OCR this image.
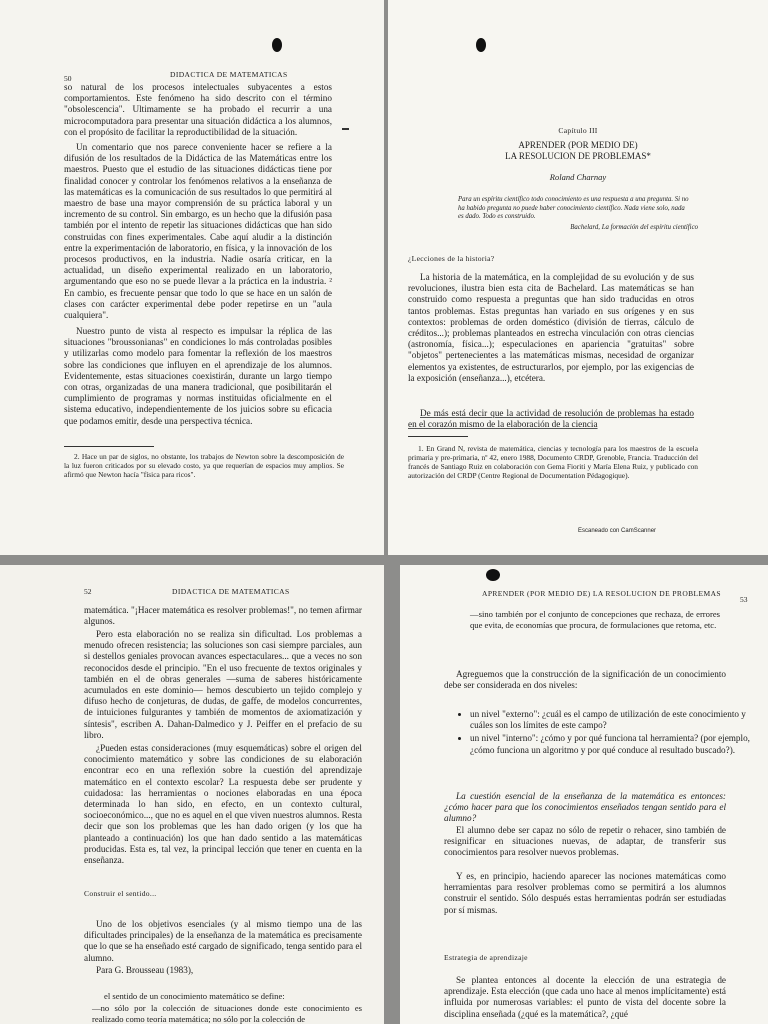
50	DIDACTICA DE MATEMATICAS

so natural de los procesos intelectuales subyacentes a estos comportamientos. Este fenómeno ha sido descrito con el término "obsolescencia". Ultimamente se ha probado el recurrir a una microcomputadora para presentar una situación didáctica a los alumnos, con el propósito de facilitar la reproductibilidad de la situación.

Un comentario que nos parece conveniente hacer se refiere a la difusión de los resultados de la Didáctica de las Matemáticas entre los maestros. Puesto que el estudio de las situaciones didácticas tiene por finalidad conocer y controlar los fenómenos relativos a la enseñanza de las matemáticas es la comunicación de sus resultados lo que permitirá al maestro de base una mayor comprensión de su práctica laboral y un incremento de su control. Sin embargo, es un hecho que la difusión pasa también por el intento de repetir las situaciones didácticas que han sido construidas con fines experimentales. Cabe aquí aludir a la distinción entre la experimentación de laboratorio, en física, y la innovación de los procesos productivos, en la industria. Nadie osaría criticar, en la actualidad, un diseño experimental realizado en un laboratorio, argumentando que eso no se puede llevar a la práctica en la industria. ² En cambio, es frecuente pensar que todo lo que se hace en un salón de clases con carácter experimental debe poder repetirse en un "aula cualquiera".

Nuestro punto de vista al respecto es impulsar la réplica de las situaciones "broussonianas" en condiciones lo más controladas posibles y utilizarlas como modelo para fomentar la reflexión de los maestros sobre las condiciones que influyen en el aprendizaje de los alumnos. Evidentemente, estas situaciones coexistirán, durante un largo tiempo con otras, organizadas de una manera tradicional, que posibilitarán el cumplimiento de programas y normas instituidas oficialmente en el sistema educativo, independientemente de los juicios sobre su eficacia que podamos emitir, desde una perspectiva técnica.

2. Hace un par de siglos, no obstante, los trabajos de Newton sobre la descomposición de la luz fueron criticados por su elevado costo, ya que requerían de espacios muy amplios. Se afirmó que Newton hacía "física para ricos".

Capítulo III
APRENDER (POR MEDIO DE)
LA RESOLUCION DE PROBLEMAS*
Roland Charnay

Para un espíritu científico todo conocimiento es una respuesta a una pregunta. Si no ha habido pregunta no puede haber conocimiento científico. Nada viene solo, nada es dado. Todo es construido.

Bachelard, La formación del espíritu científico
¿Lecciones de la historia?

La historia de la matemática, en la complejidad de su evolución y de sus revoluciones, ilustra bien esta cita de Bachelard. Las matemáticas se han construido como respuesta a preguntas que han sido traducidas en otros tantos problemas. Estas preguntas han variado en sus orígenes y en sus contextos: problemas de orden doméstico (división de tierras, cálculo de créditos...); problemas planteados en estrecha vinculación con otras ciencias (astronomía, física...); especulaciones en apariencia "gratuitas" sobre "objetos" pertenecientes a las matemáticas mismas, necesidad de organizar elementos ya existentes, de estructurarlos, por ejemplo, por las exigencias de la exposición (enseñanza...), etcétera.

De más está decir que la actividad de resolución de problemas ha estado en el corazón mismo de la elaboración de la ciencia

1. En Grand N, revista de matemática, ciencias y tecnología para los maestros de la escuela primaria y pre-primaria, nº 42, enero 1988, Documento CRDP, Grenoble, Francia. Traducción del francés de Santiago Ruiz en colaboración con Gema Fioriti y María Elena Ruiz, y publicado con autorización del CRDP (Centre Regional de Documentation Pédagogique).

Escaneado con CamScanner
52	DIDACTICA DE MATEMATICAS

matemática. "¡Hacer matemática es resolver problemas!", no temen afirmar algunos.

Pero esta elaboración no se realiza sin dificultad. Los problemas a menudo ofrecen resistencia; las soluciones son casi siempre parciales, aun si destellos geniales provocan avances espectaculares... que a veces no son reconocidos desde el principio. "En el uso frecuente de textos originales y también en el de obras generales —suma de saberes históricamente acumulados en este dominio— hemos descubierto un tejido complejo y difuso hecho de conjeturas, de dudas, de gaffe, de modelos concurrentes, de intuiciones fulgurantes y también de momentos de axiomatización y síntesis", escriben A. Dahan-Dalmedico y J. Peiffer en el prefacio de su libro.

¿Pueden estas consideraciones (muy esquemáticas) sobre el origen del conocimiento matemático y sobre las condiciones de su elaboración encontrar eco en una reflexión sobre la cuestión del aprendizaje matemático en el contexto escolar? La respuesta debe ser prudente y cuidadosa: las herramientas o nociones elaboradas en una época determinada lo han sido, en efecto, en un contexto cultural, socioeconómico..., que no es aquel en el que viven nuestros alumnos. Resta decir que son los problemas que les han dado origen (y los que ha planteado a continuación) los que han dado sentido a las matemáticas producidas. Esta es, tal vez, la principal lección que tener en cuenta en la enseñanza.

Construir el sentido...

Uno de los objetivos esenciales (y al mismo tiempo una de las dificultades principales) de la enseñanza de la matemática es precisamente que lo que se ha enseñado esté cargado de significado, tenga sentido para el alumno.

Para G. Brousseau (1983),

el sentido de un conocimiento matemático se define:

—no sólo por la colección de situaciones donde este conocimiento es realizado como teoría matemática; no sólo por la colección de

APRENDER (POR MEDIO DE) LA RESOLUCION DE PROBLEMAS
53

—sino también por el conjunto de concepciones que rechaza, de errores que evita, de economías que procura, de formulaciones que retoma, etc.

Agreguemos que la construcción de la significación de un conocimiento debe ser considerada en dos niveles:

• un nivel "externo": ¿cuál es el campo de utilización de este conocimiento y cuáles son los límites de este campo?
• un nivel "interno": ¿cómo y por qué funciona tal herramienta? (por ejemplo, ¿cómo funciona un algoritmo y por qué conduce al resultado buscado?).

La cuestión esencial de la enseñanza de la matemática es entonces: ¿cómo hacer para que los conocimientos enseñados tengan sentido para el alumno?

El alumno debe ser capaz no sólo de repetir o rehacer, sino también de resignificar en situaciones nuevas, de adaptar, de transferir sus conocimientos para resolver nuevos problemas.

Y es, en principio, haciendo aparecer las nociones matemáticas como herramientas para resolver problemas como se permitirá a los alumnos construir el sentido. Sólo después estas herramientas podrán ser estudiadas por sí mismas.

Estrategia de aprendizaje

Se plantea entonces al docente la elección de una estrategia de aprendizaje. Esta elección (que cada uno hace al menos implícitamente) está influida por numerosas variables: el punto de vista del docente sobre la disciplina enseñada (¿qué es la matemática?, ¿qué
